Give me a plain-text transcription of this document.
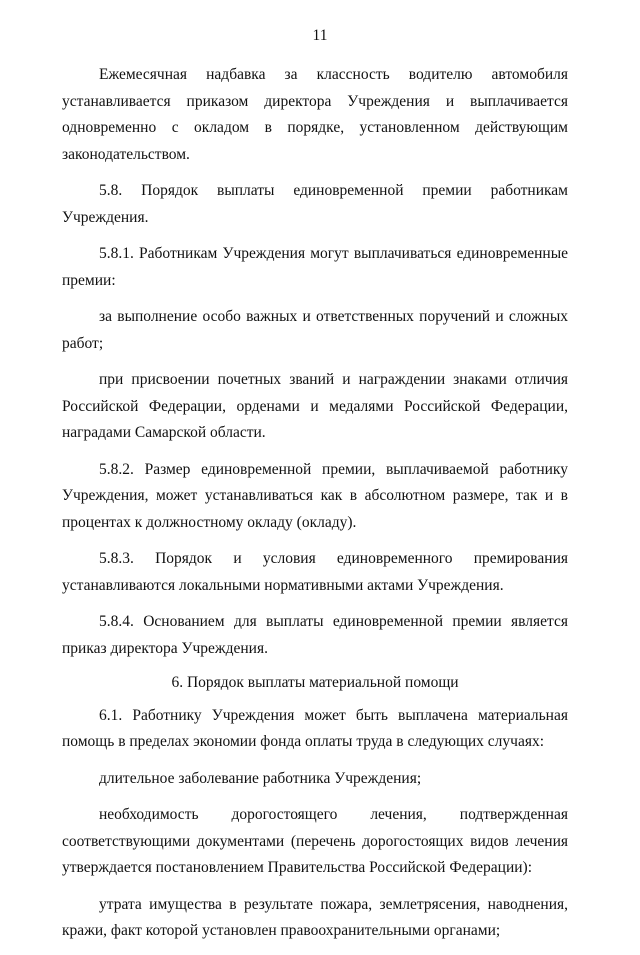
11

Ежемесячная надбавка за классность водителю автомобиля устанавливается приказом директора Учреждения и выплачивается одновременно с окладом в порядке, установленном действующим законодательством.

5.8. Порядок выплаты единовременной премии работникам Учреждения.

5.8.1. Работникам Учреждения могут выплачиваться единовременные премии:

за выполнение особо важных и ответственных поручений и сложных работ;

при присвоении почетных званий и награждении знаками отличия Российской Федерации, орденами и медалями Российской Федерации, наградами Самарской области.

5.8.2. Размер единовременной премии, выплачиваемой работнику Учреждения, может устанавливаться как в абсолютном размере, так и в процентах к должностному окладу (окладу).

5.8.3. Порядок и условия единовременного премирования устанавливаются локальными нормативными актами Учреждения.

5.8.4. Основанием для выплаты единовременной премии является приказ директора Учреждения.

6. Порядок выплаты материальной помощи

6.1. Работнику Учреждения может быть выплачена материальная помощь в пределах экономии фонда оплаты труда в следующих случаях:

длительное заболевание работника Учреждения;

необходимость дорогостоящего лечения, подтвержденная соответствующими документами (перечень дорогостоящих видов лечения утверждается постановлением Правительства Российской Федерации):

утрата имущества в результате пожара, землетрясения, наводнения, кражи, факт которой установлен правоохранительными органами;
